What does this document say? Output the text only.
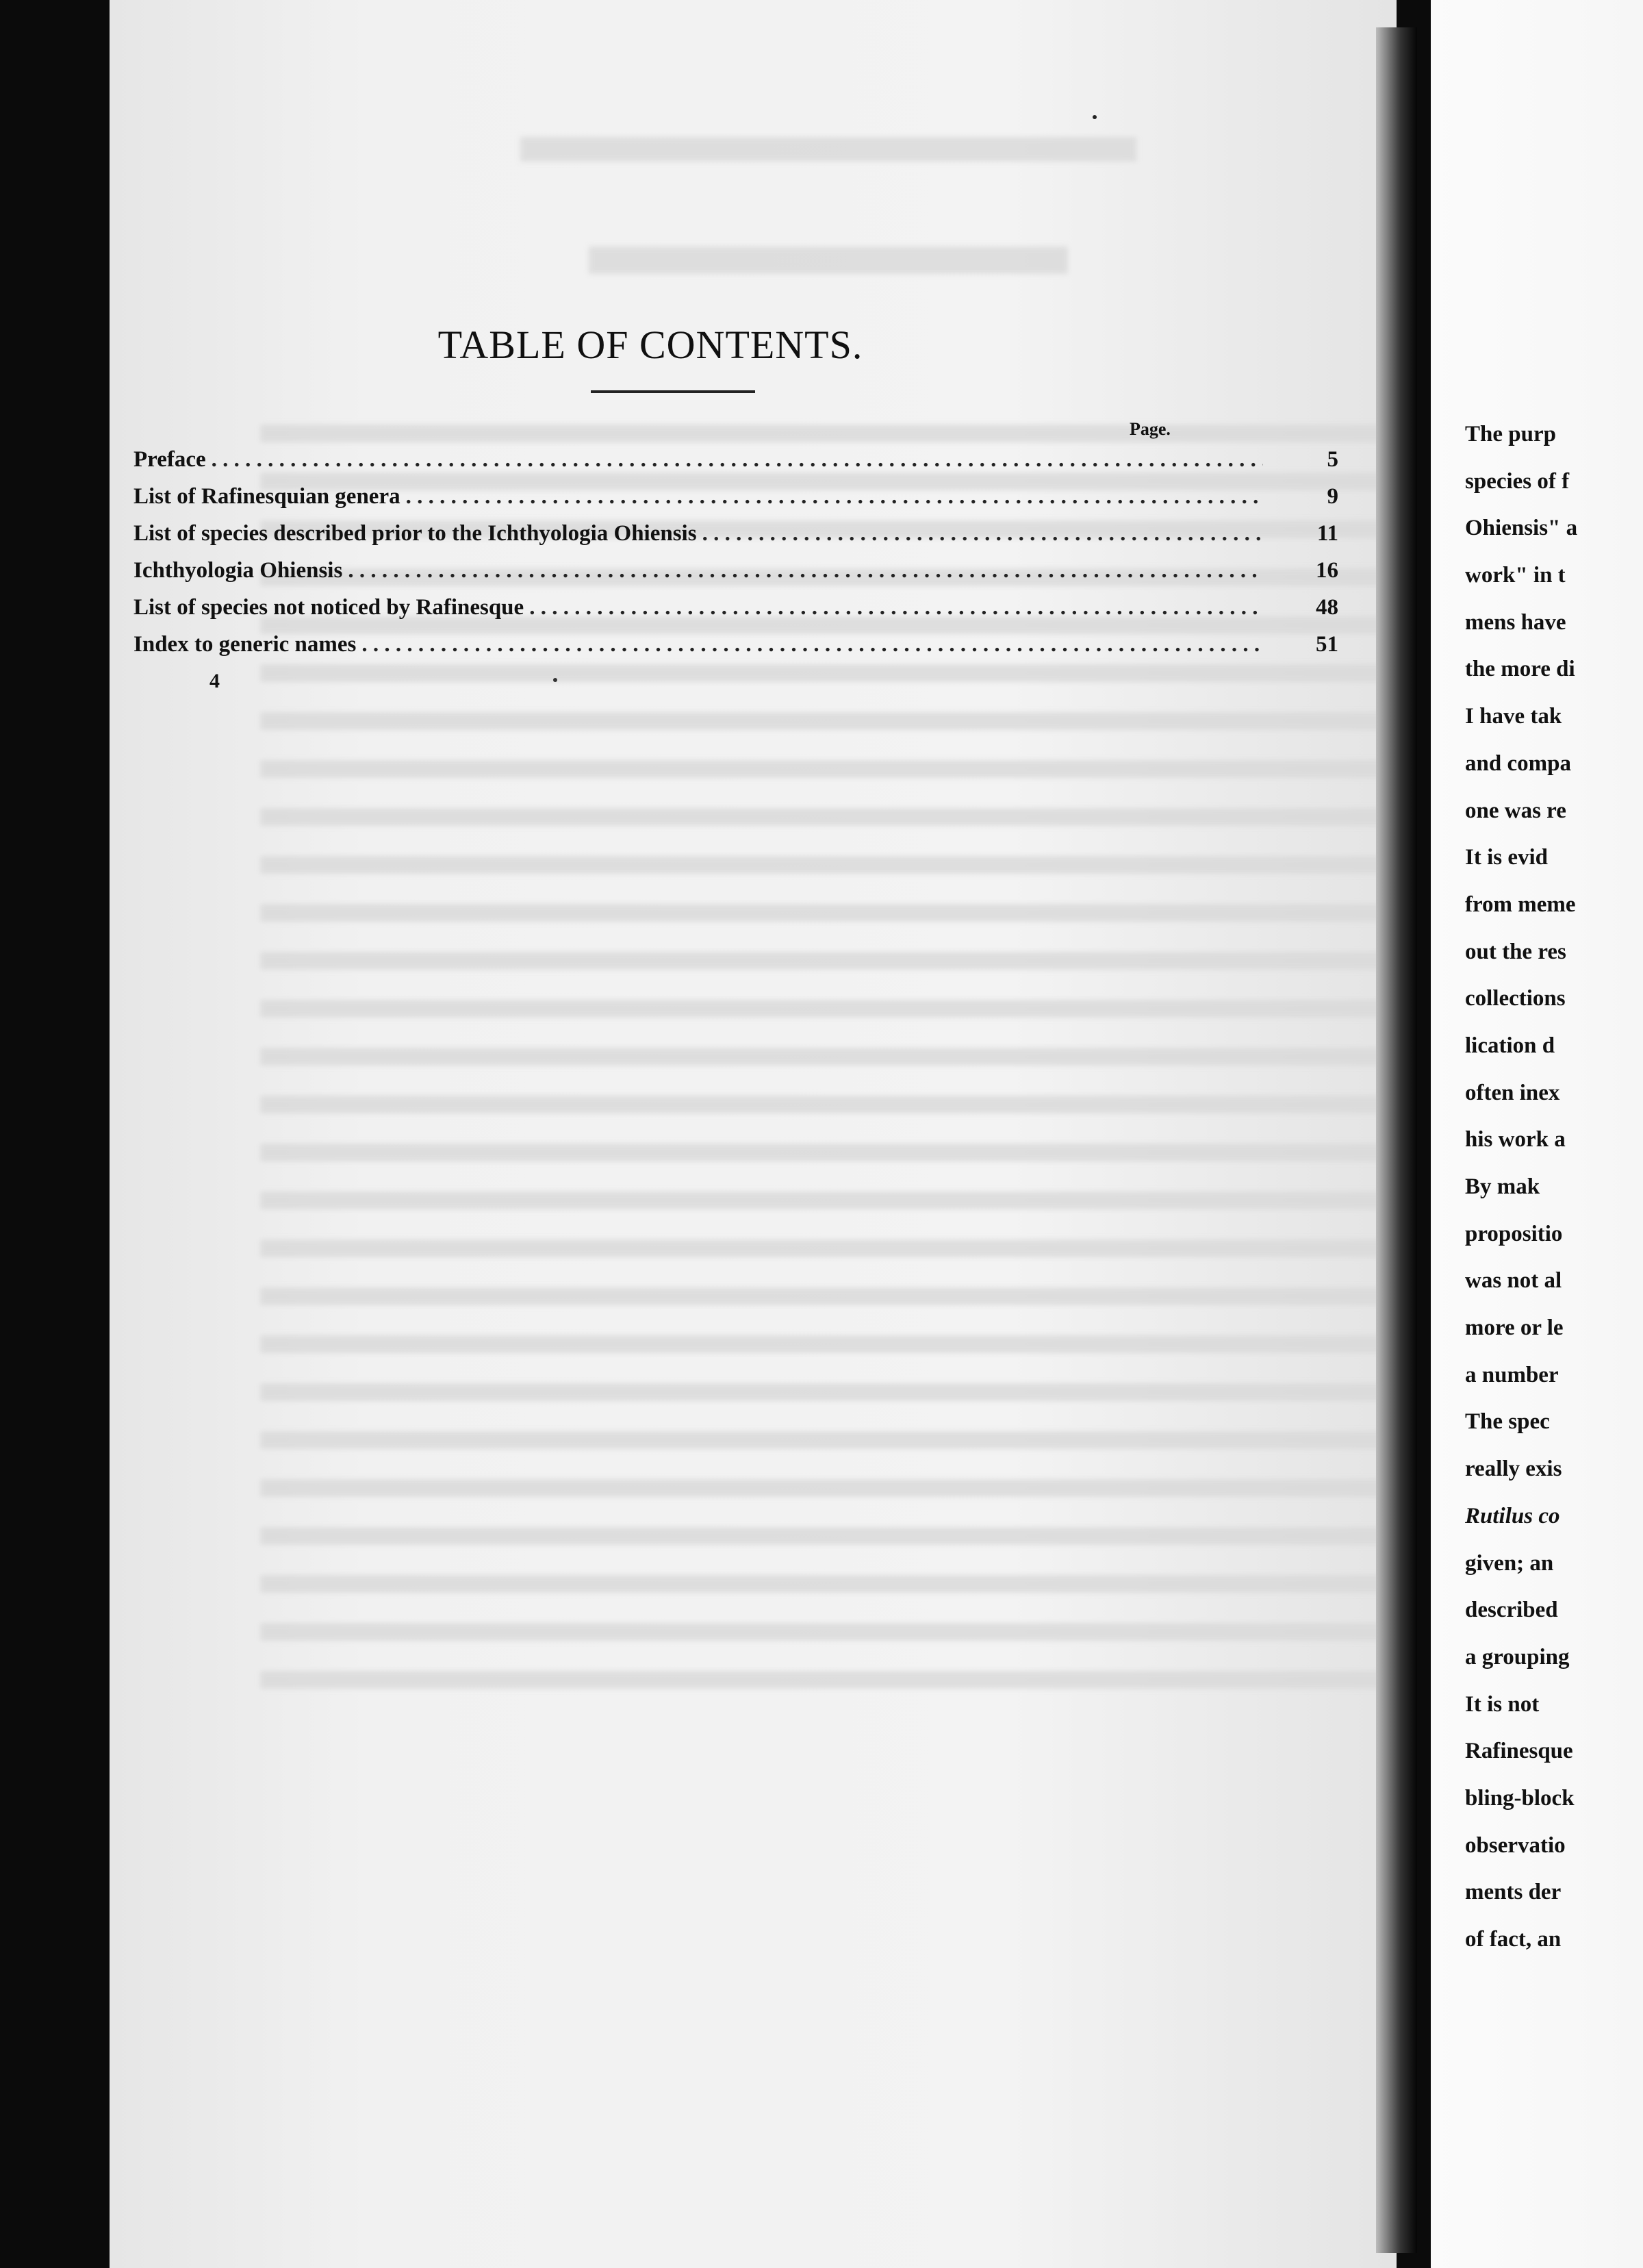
TABLE OF CONTENTS.
Page.
Preface . . .	5
List of Rafinesquian genera . . .	9
List of species described prior to the Ichthyologia Ohiensis . . .	11
Ichthyologia Ohiensis . . .	16
List of species not noticed by Rafinesque . . .	48
Index to generic names . . .	51
4
The purp
species of f
Ohiensis" a
work" in t
mens have
the more di
I have tak
and compa
one was re
It is evid
from meme
out the res
collections
lication d
often inex
his work a
By mak
propositio
was not al
more or le
a number
The spec
really exis
Rutilus co
given; an
described
a grouping
It is not
Rafinesque
bling-block
observatio
ments der
of fact, an
